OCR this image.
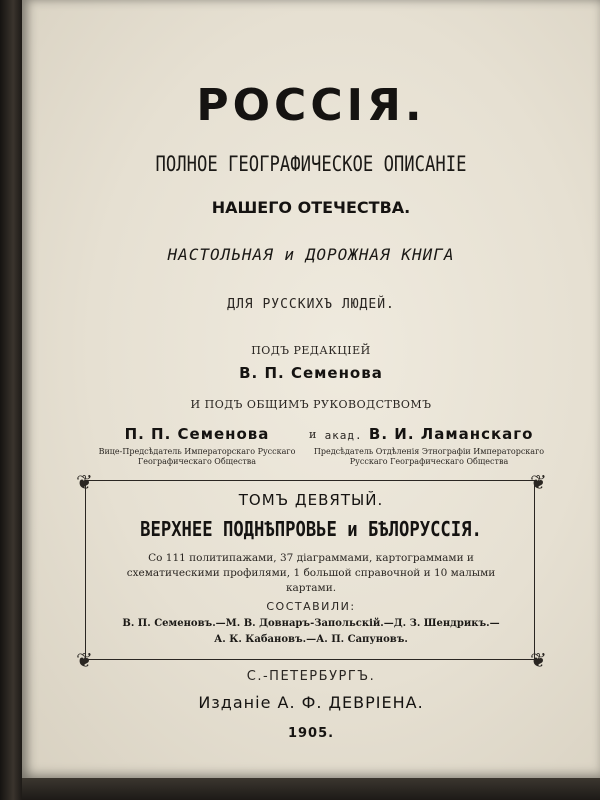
РОССІЯ.
ПОЛНОЕ ГЕОГРАФИЧЕСКОЕ ОПИСАНІЕ
НАШЕГО ОТЕЧЕСТВА.
НАСТОЛЬНАЯ и ДОРОЖНАЯ КНИГА
ДЛЯ РУССКИХЪ ЛЮДЕЙ.
ПОДЪ РЕДАКЦІЕЙ
В. П. Семенова
И ПОДЪ ОБЩИМЪ РУКОВОДСТВОМЪ
П. П. Семенова
Вице-Предсѣдатель Императорскаго Русскаго Географическаго Общества
и акад. В. И. Ламанскаго
Предсѣдатель Отдѣленія Этнографіи Императорскаго Русскаго Географическаго Общества
❦	❦
❦	❦
ТОМЪ ДЕВЯТЫЙ.
ВЕРХНЕЕ ПОДНѢПРОВЬЕ и БѢЛОРУССІЯ.
Со 111 политипажами, 37 діаграммами, картограммами и схематическими профилями, 1 большой справочной и 10 малыми картами.
СОСТАВИЛИ:
В. П. Семеновъ.—М. В. Довнаръ-Запольскій.—Д. З. Шендрикъ.—
А. К. Кабановъ.—А. П. Сапуновъ.
С.-ПЕТЕРБУРГЪ.
Изданіе А. Ф. ДЕВРІЕНА.
1905.
